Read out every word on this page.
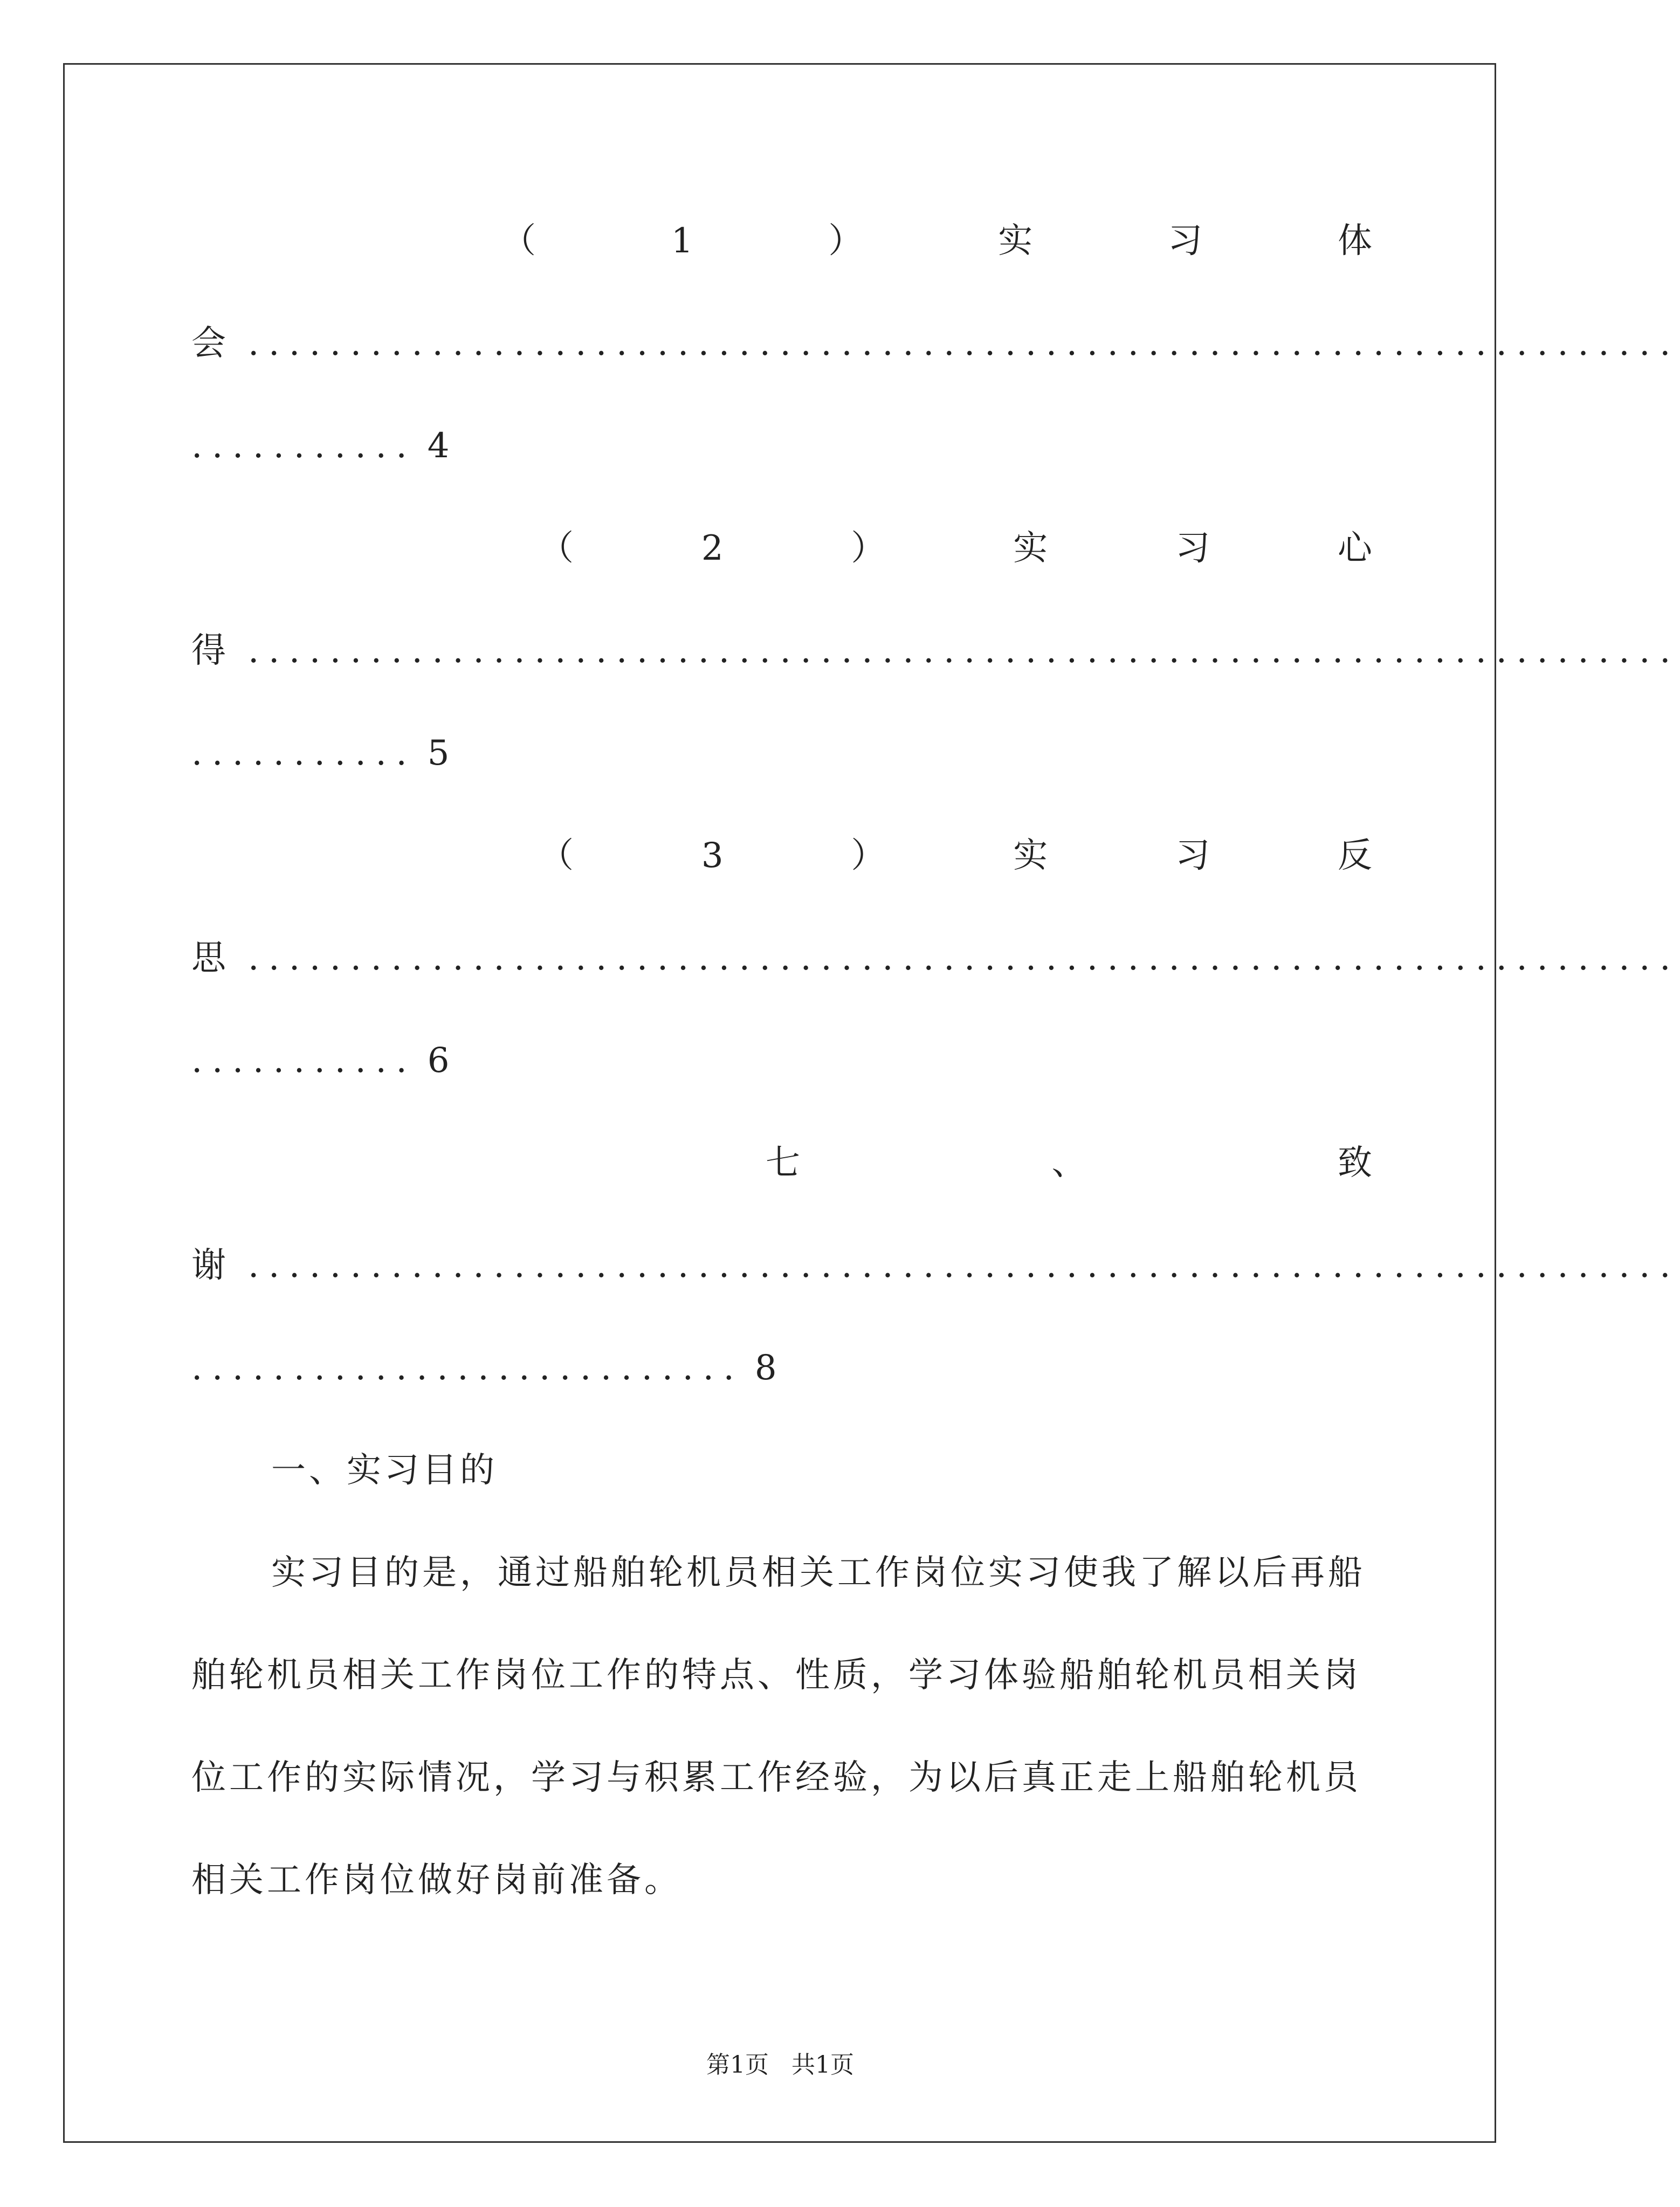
（	1	）	实	习	体
会 ......................................................................
........... 4
（	2	）	实	习	心
得 ......................................................................
........... 5
（	3	）	实	习	反
思 ......................................................................
........... 6
七	、	致
谢 ......................................................................
........................... 8
一、实习目的
实习目的是，通过船舶轮机员相关工作岗位实习使我了解以后再船舶轮机员相关工作岗位工作的特点、性质，学习体验船舶轮机员相关岗位工作的实际情况，学习与积累工作经验，为以后真正走上船舶轮机员相关工作岗位做好岗前准备。
第1页 共1页
